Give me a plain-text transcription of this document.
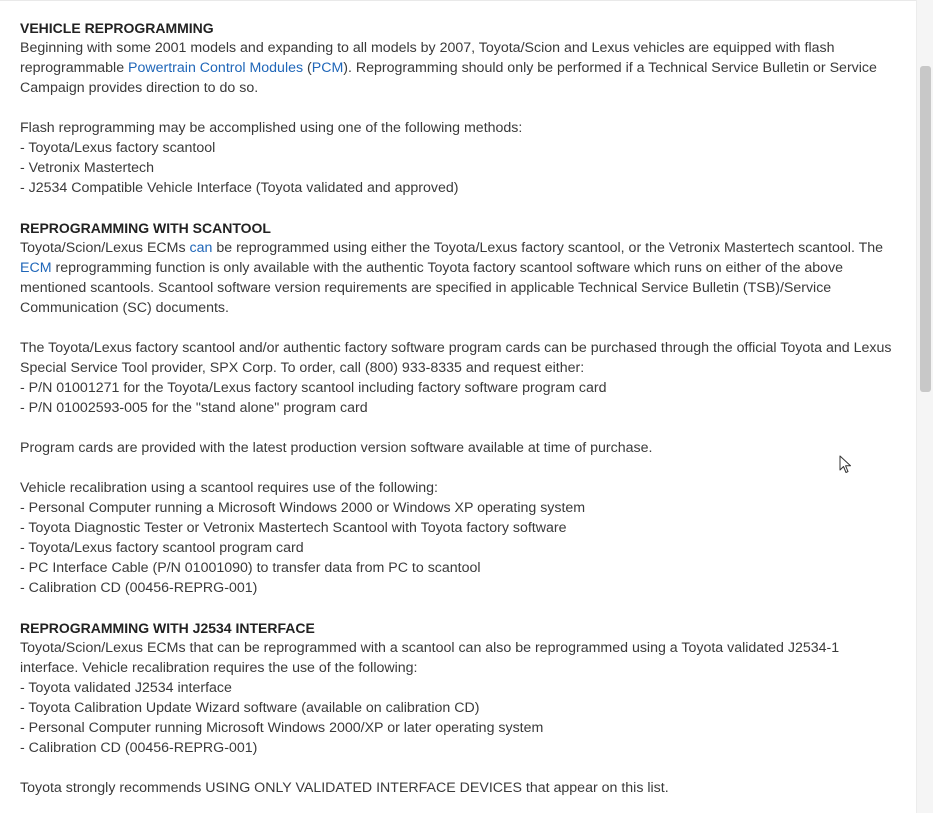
VEHICLE REPROGRAMMING

Beginning with some 2001 models and expanding to all models by 2007, Toyota/Scion and Lexus vehicles are equipped with flash reprogrammable Powertrain Control Modules (PCM). Reprogramming should only be performed if a Technical Service Bulletin or Service Campaign provides direction to do so.

Flash reprogramming may be accomplished using one of the following methods:

- Toyota/Lexus factory scantool

- Vetronix Mastertech

- J2534 Compatible Vehicle Interface (Toyota validated and approved)

REPROGRAMMING WITH SCANTOOL

Toyota/Scion/Lexus ECMs can be reprogrammed using either the Toyota/Lexus factory scantool, or the Vetronix Mastertech scantool. The ECM reprogramming function is only available with the authentic Toyota factory scantool software which runs on either of the above mentioned scantools. Scantool software version requirements are specified in applicable Technical Service Bulletin (TSB)/Service Communication (SC) documents.

The Toyota/Lexus factory scantool and/or authentic factory software program cards can be purchased through the official Toyota and Lexus Special Service Tool provider, SPX Corp. To order, call (800) 933-8335 and request either:

- P/N 01001271 for the Toyota/Lexus factory scantool including factory software program card

- P/N 01002593-005 for the "stand alone" program card

Program cards are provided with the latest production version software available at time of purchase.

Vehicle recalibration using a scantool requires use of the following:

- Personal Computer running a Microsoft Windows 2000 or Windows XP operating system

- Toyota Diagnostic Tester or Vetronix Mastertech Scantool with Toyota factory software

- Toyota/Lexus factory scantool program card

- PC Interface Cable (P/N 01001090) to transfer data from PC to scantool

- Calibration CD (00456-REPRG-001)

REPROGRAMMING WITH J2534 INTERFACE

Toyota/Scion/Lexus ECMs that can be reprogrammed with a scantool can also be reprogrammed using a Toyota validated J2534-1 interface. Vehicle recalibration requires the use of the following:

- Toyota validated J2534 interface

- Toyota Calibration Update Wizard software (available on calibration CD)

- Personal Computer running Microsoft Windows 2000/XP or later operating system

- Calibration CD (00456-REPRG-001)

Toyota strongly recommends USING ONLY VALIDATED INTERFACE DEVICES that appear on this list.
